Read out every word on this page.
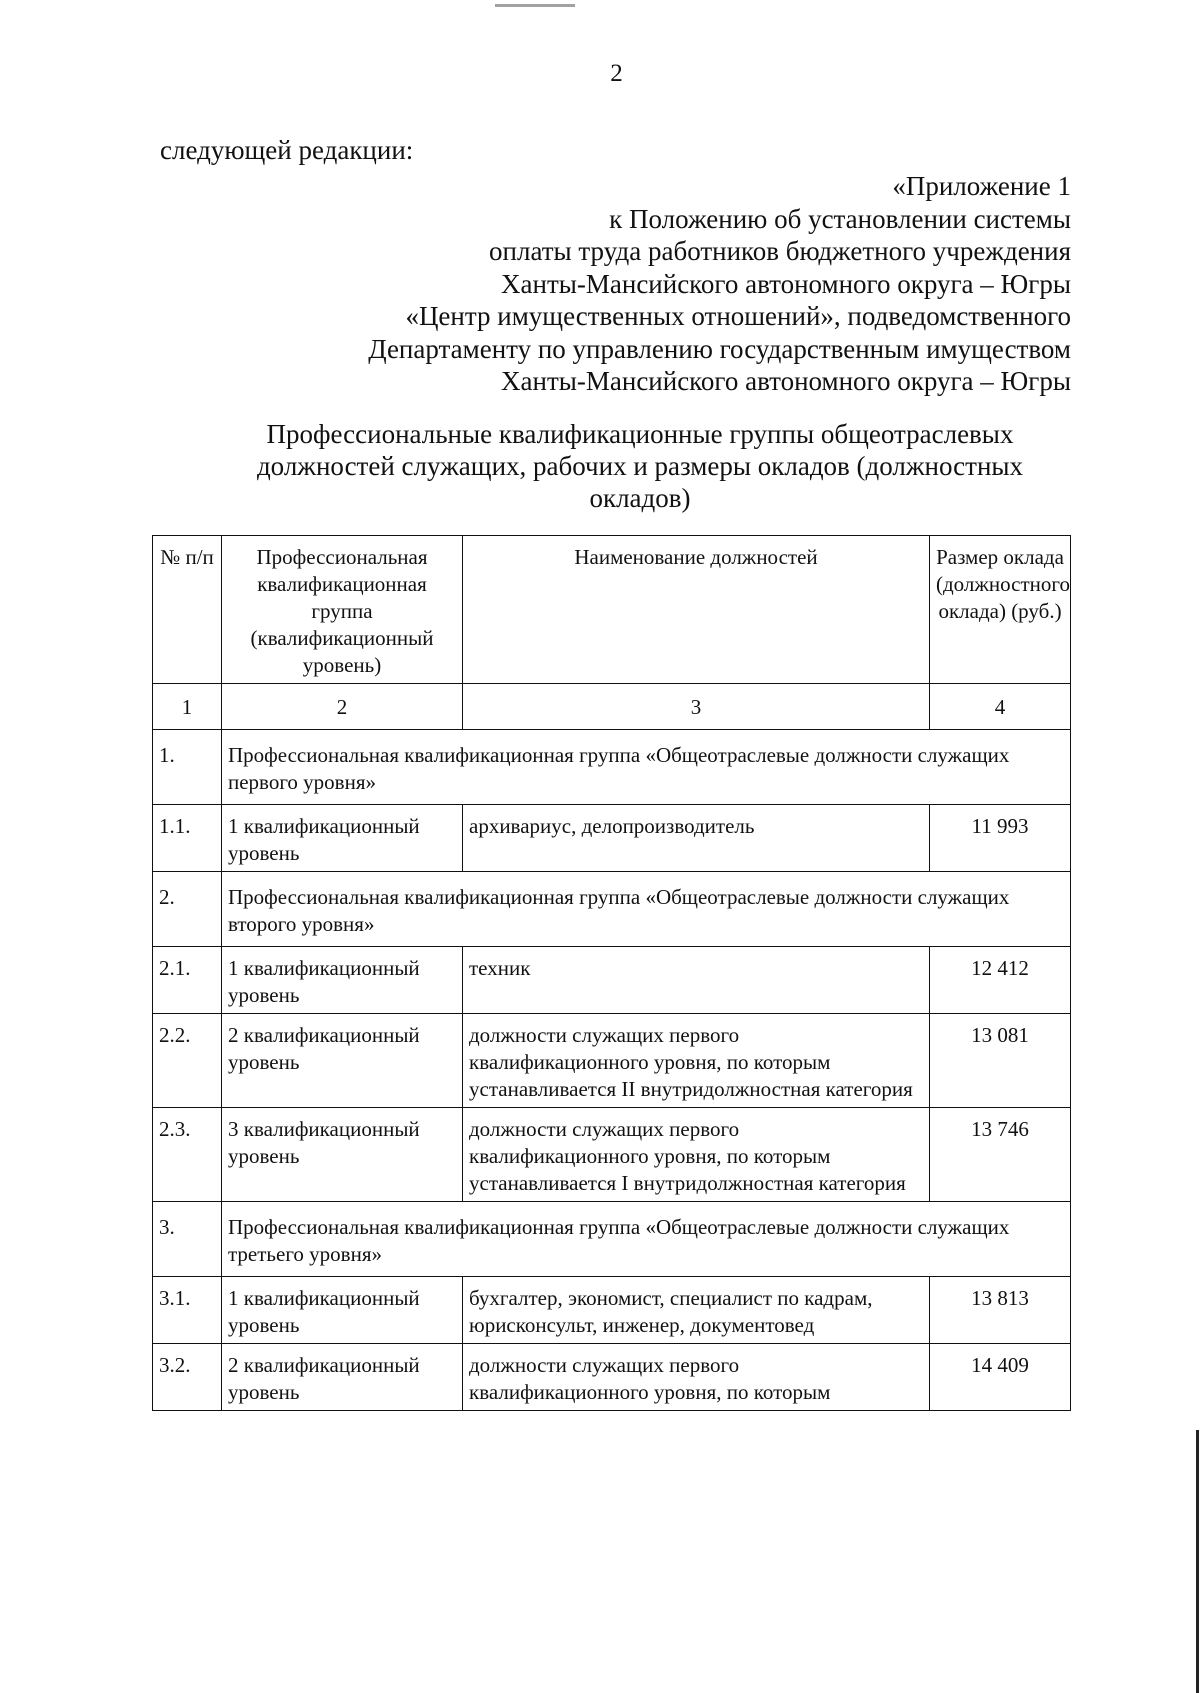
2
следующей редакции:
«Приложение 1
к Положению об установлении системы
оплаты труда работников бюджетного учреждения
Ханты-Мансийского автономного округа – Югры
«Центр имущественных отношений», подведомственного
Департаменту по управлению государственным имуществом
Ханты-Мансийского автономного округа – Югры
Профессиональные квалификационные группы общеотраслевых должностей служащих, рабочих и размеры окладов (должностных окладов)
№ п/п	Профессиональная квалификационная группа (квалификационный уровень)	Наименование должностей	Размер оклада (должностного оклада) (руб.)
1	2	3	4
1.	Профессиональная квалификационная группа «Общеотраслевые должности служащих первого уровня»		
1.1.	1 квалификационный уровень	архивариус, делопроизводитель	11 993
2.	Профессиональная квалификационная группа «Общеотраслевые должности служащих второго уровня»		
2.1.	1 квалификационный уровень	техник	12 412
2.2.	2 квалификационный уровень	должности служащих первого квалификационного уровня, по которым устанавливается II внутридолжностная категория	13 081
2.3.	3 квалификационный уровень	должности служащих первого квалификационного уровня, по которым устанавливается I внутридолжностная категория	13 746
3.	Профессиональная квалификационная группа «Общеотраслевые должности служащих третьего уровня»		
3.1.	1 квалификационный уровень	бухгалтер, экономист, специалист по кадрам, юрисконсульт, инженер, документовед	13 813
3.2.	2 квалификационный уровень	должности служащих первого квалификационного уровня, по которым	14 409
